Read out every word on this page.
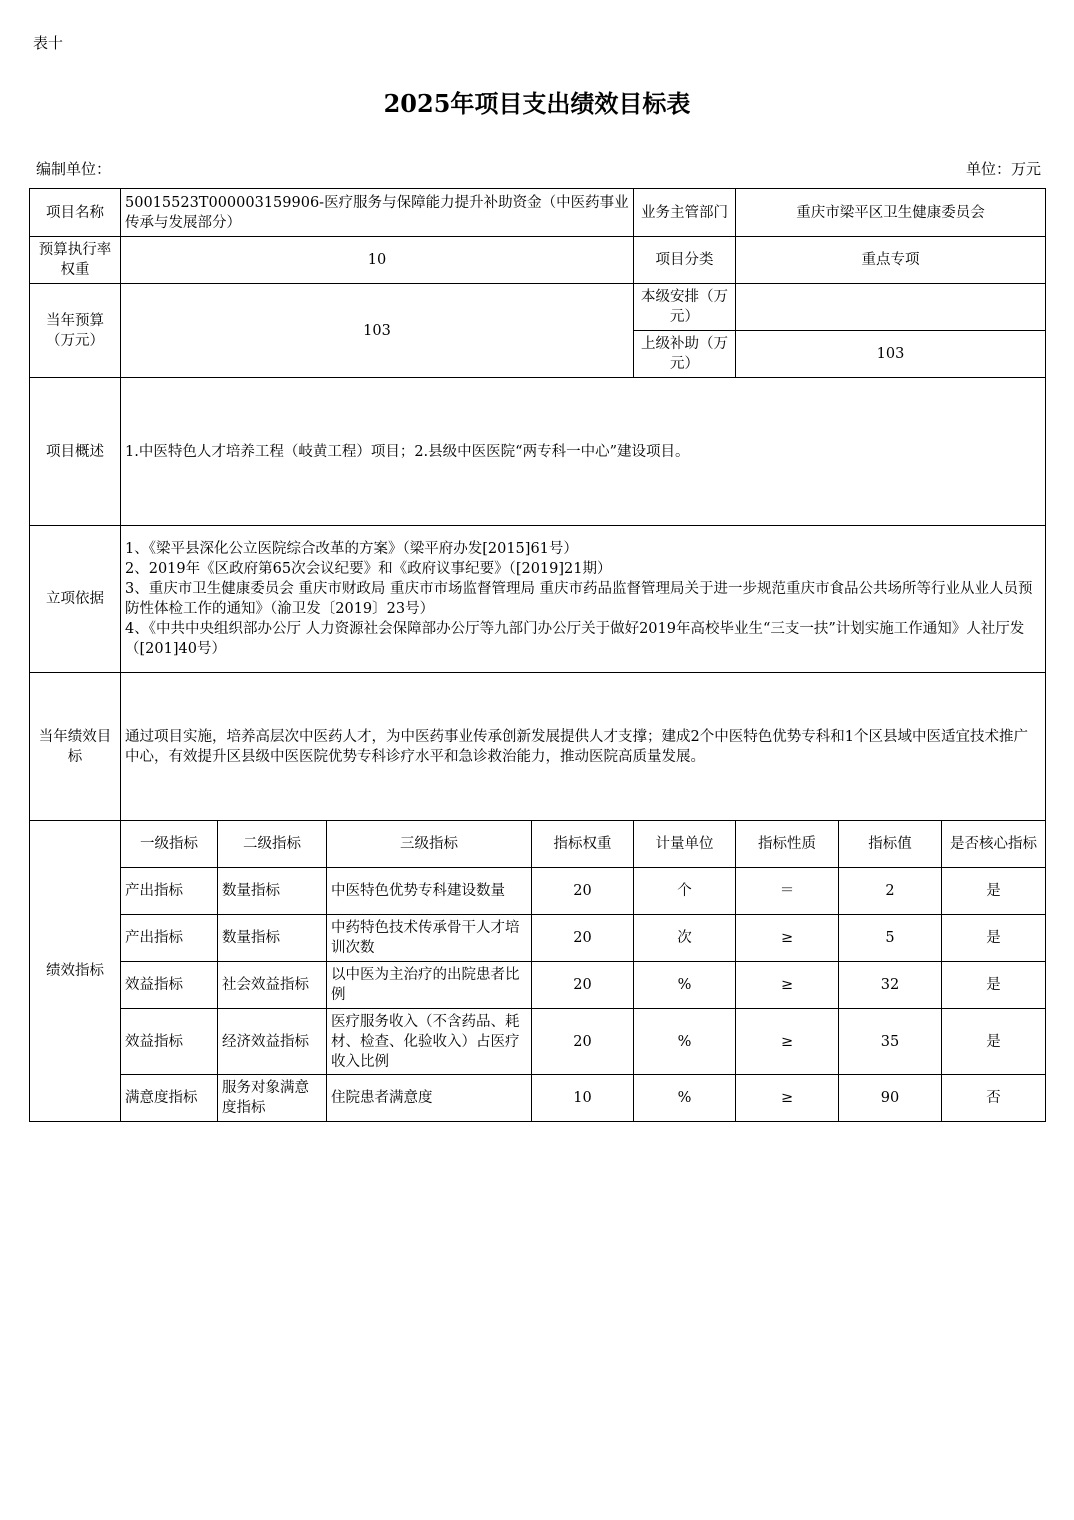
表十
2025年项目支出绩效目标表
编制单位：	单位：万元
项目名称	50015523T000003159906-医疗服务与保障能力提升补助资金（中医药事业传承与发展部分）				业务主管部门	重庆市梁平区卫生健康委员会		
预算执行率权重	10				项目分类	重点专项		
当年预算（万元）	103				本级安排（万元）			
					上级补助（万元）	103		
项目概述	1.中医特色人才培养工程（岐黄工程）项目；2.县级中医医院“两专科一中心”建设项目。							
立项依据	1、《梁平县深化公立医院综合改革的方案》（梁平府办发[2015]61号）
2、2019年《区政府第65次会议纪要》和《政府议事纪要》（[2019]21期）
3、重庆市卫生健康委员会 重庆市财政局 重庆市市场监督管理局 重庆市药品监督管理局关于进一步规范重庆市食品公共场所等行业从业人员预防性体检工作的通知》（渝卫发〔2019〕23号）
4、《中共中央组织部办公厅 人力资源社会保障部办公厅等九部门办公厅关于做好2019年高校毕业生“三支一扶”计划实施工作通知》人社厅发（[201]40号）							

当年绩效目标	通过项目实施，培养高层次中医药人才，为中医药事业传承创新发展提供人才支撑；建成2个中医特色优势专科和1个区县域中医适宜技术推广中心，有效提升区县级中医医院优势专科诊疗水平和急诊救治能力，推动医院高质量发展。							
绩效指标	一级指标	二级指标	三级指标	指标权重	计量单位	指标性质	指标值	是否核心指标
	产出指标	数量指标	中医特色优势专科建设数量	20	个	＝	2	是
	产出指标	数量指标	中药特色技术传承骨干人才培训次数	20	次	≥	5	是
	效益指标	社会效益指标	以中医为主治疗的出院患者比例	20	%	≥	32	是
	效益指标	经济效益指标	医疗服务收入（不含药品、耗材、检查、化验收入）占医疗收入比例	20	%	≥	35	是
	满意度指标	服务对象满意度指标	住院患者满意度	10	%	≥	90	否
